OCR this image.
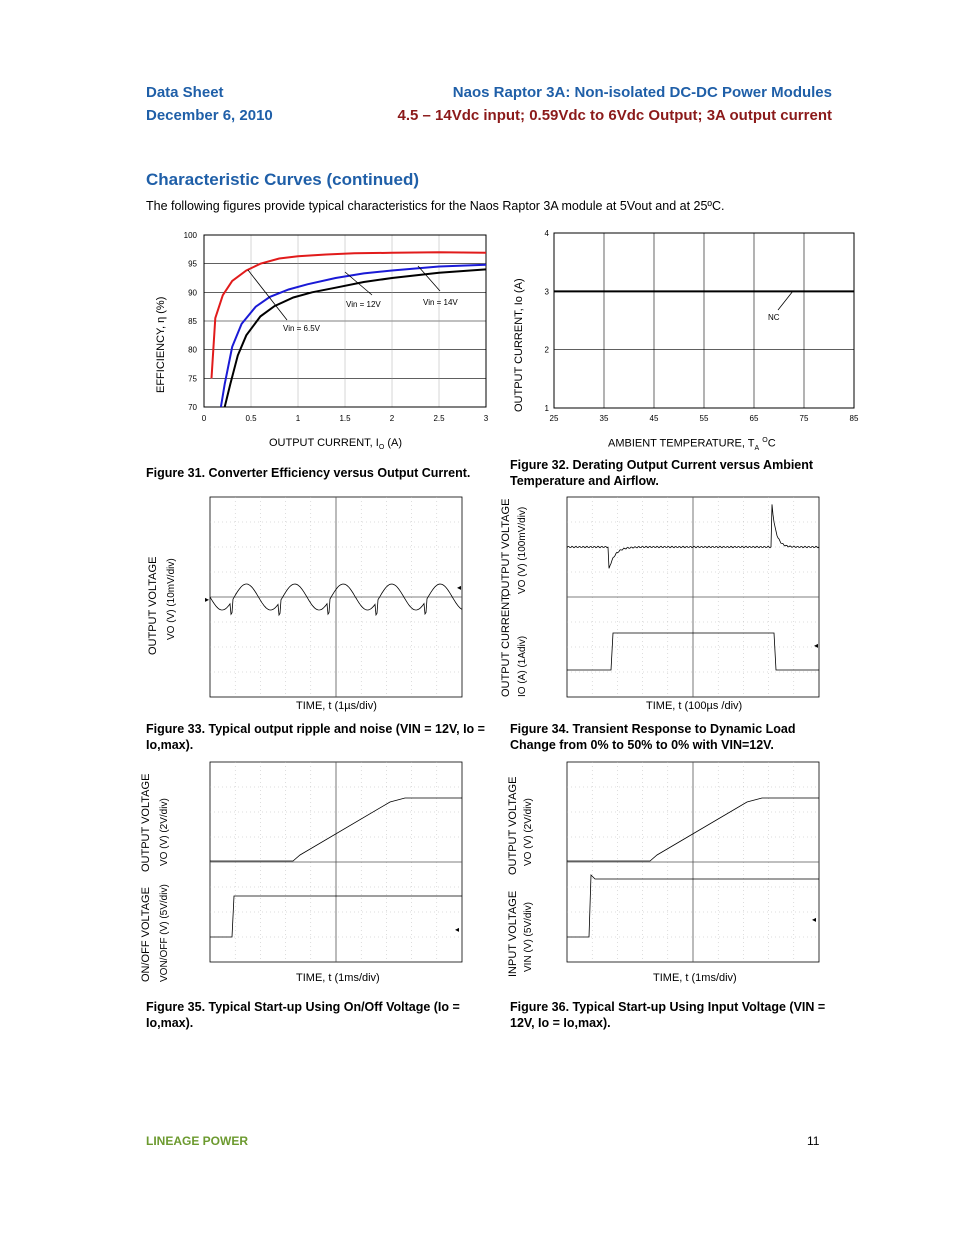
Data Sheet
December 6, 2010
Naos Raptor 3A: Non-isolated DC-DC Power Modules
4.5 – 14Vdc input; 0.59Vdc to 6Vdc Output; 3A output current
Characteristic Curves (continued)
The following figures provide typical characteristics for the Naos Raptor 3A module at 5Vout and at 25ºC.
70
75
80
85
90
95
100
0	0.5	1	1.5	2	2.5	3
Vin = 6.5V
Vin = 12V	Vin = 14V
EFFICIENCY, η (%)
OUTPUT CURRENT, $I_O$ (A)
Figure 31. Converter Efficiency versus Output Current.
25	35	45	55	65	75	85
1
2
3
4
NC
OUTPUT CURRENT, Io (A)
AMBIENT TEMPERATURE, $T_A$ $^O$C
Figure 32. Derating Output Current versus Ambient Temperature and Airflow.
▸
◂
OUTPUT VOLTAGE VO (V) (10mV/div)
TIME, t (1µs/div)
Figure 33. Typical output ripple and noise (VIN = 12V, Io = Io,max).
◂
OUTPUT VOLTAGE VO (V) (100mV/div)
OUTPUT CURRENT, IO (A) (1Adiv)
TIME, t (100µs /div)
Figure 34. Transient Response to Dynamic Load Change from 0% to 50% to 0% with VIN=12V.
◂
OUTPUT VOLTAGE VO (V) (2V/div)
ON/OFF VOLTAGE VON/OFF (V) (5V/div)	TIME, t (1ms/div)
Figure 35. Typical Start-up Using On/Off Voltage (Io = Io,max).
◂
OUTPUT VOLTAGE VO (V) (2V/div)
INPUT VOLTAGE VIN (V) (5V/div)
TIME, t (1ms/div)
Figure 36. Typical Start-up Using Input Voltage (VIN = 12V, Io = Io,max).
LINEAGE POWER	11
